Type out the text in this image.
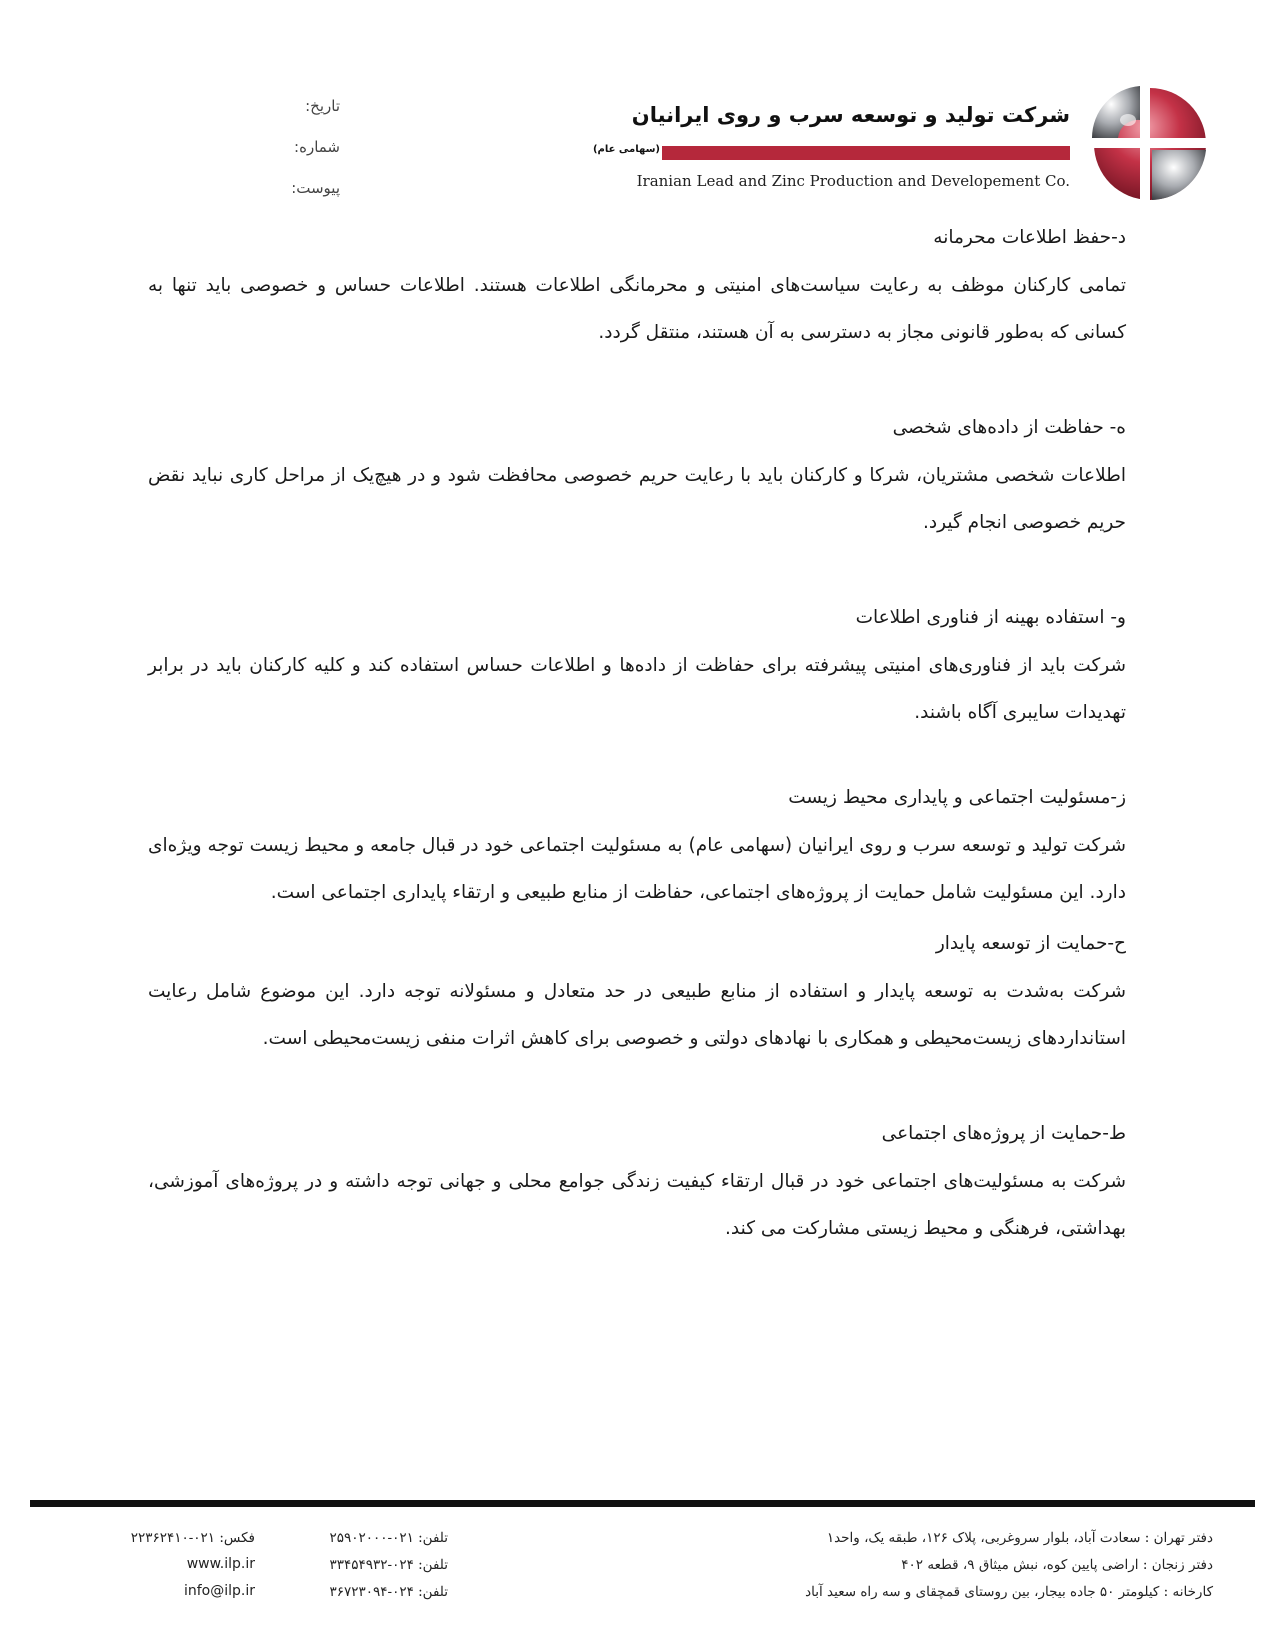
شرکت تولید و توسعه سرب و روی ایرانیان
(سهامی عام)
Iranian Lead and Zinc Production and Developement Co.
تاریخ:
شماره:
پیوست:
د-حفظ اطلاعات محرمانه

تمامی کارکنان موظف به رعایت سیاست‌های امنیتی و محرمانگی اطلاعات هستند. اطلاعات حساس و خصوصی باید تنها به کسانی که به‌طور قانونی مجاز به دسترسی به آن هستند، منتقل گردد.

ه- حفاظت از داده‌های شخصی

اطلاعات شخصی مشتریان، شرکا و کارکنان باید با رعایت حریم خصوصی محافظت شود و در هیچ‌یک از مراحل کاری نباید نقض حریم خصوصی انجام گیرد.

و- استفاده بهینه از فناوری اطلاعات

شرکت باید از فناوری‌های امنیتی پیشرفته برای حفاظت از داده‌ها و اطلاعات حساس استفاده کند و کلیه کارکنان باید در برابر تهدیدات سایبری آگاه باشند.

ز-مسئولیت اجتماعی و پایداری محیط زیست

شرکت تولید و توسعه سرب و روی ایرانیان (سهامی عام) به مسئولیت اجتماعی خود در قبال جامعه و محیط زیست توجه ویژه‌ای دارد. این مسئولیت شامل حمایت از پروژه‌های اجتماعی، حفاظت از منابع طبیعی و ارتقاء پایداری اجتماعی است.

ح-حمایت از توسعه پایدار

شرکت به‌شدت به توسعه پایدار و استفاده از منابع طبیعی در حد متعادل و مسئولانه توجه دارد. این موضوع شامل رعایت استانداردهای زیست‌محیطی و همکاری با نهادهای دولتی و خصوصی برای کاهش اثرات منفی زیست‌محیطی است.

ط-حمایت از پروژه‌های اجتماعی

شرکت به مسئولیت‌های اجتماعی خود در قبال ارتقاء کیفیت زندگی جوامع محلی و جهانی توجه داشته و در پروژه‌های آموزشی، بهداشتی، فرهنگی و محیط زیستی مشارکت می کند.

دفتر تهران : سعادت آباد، بلوار سروغربی، پلاک ۱۲۶، طبقه یک، واحد۱
دفتر زنجان : اراضی پایین کوه، نبش میثاق ۹، قطعه ۴۰۲
کارخانه : کیلومتر ۵۰ جاده بیجار، بین روستای قمچقای و سه راه سعید آباد
تلفن: ۰۲۱-۲۵۹۰۲۰۰۰
تلفن: ۰۲۴-۳۳۴۵۴۹۳۲
تلفن: ۰۲۴-۳۶۷۲۳۰۹۴
فکس: ۰۲۱-۲۲۳۶۲۴۱۰
www.ilp.ir
info@ilp.ir
